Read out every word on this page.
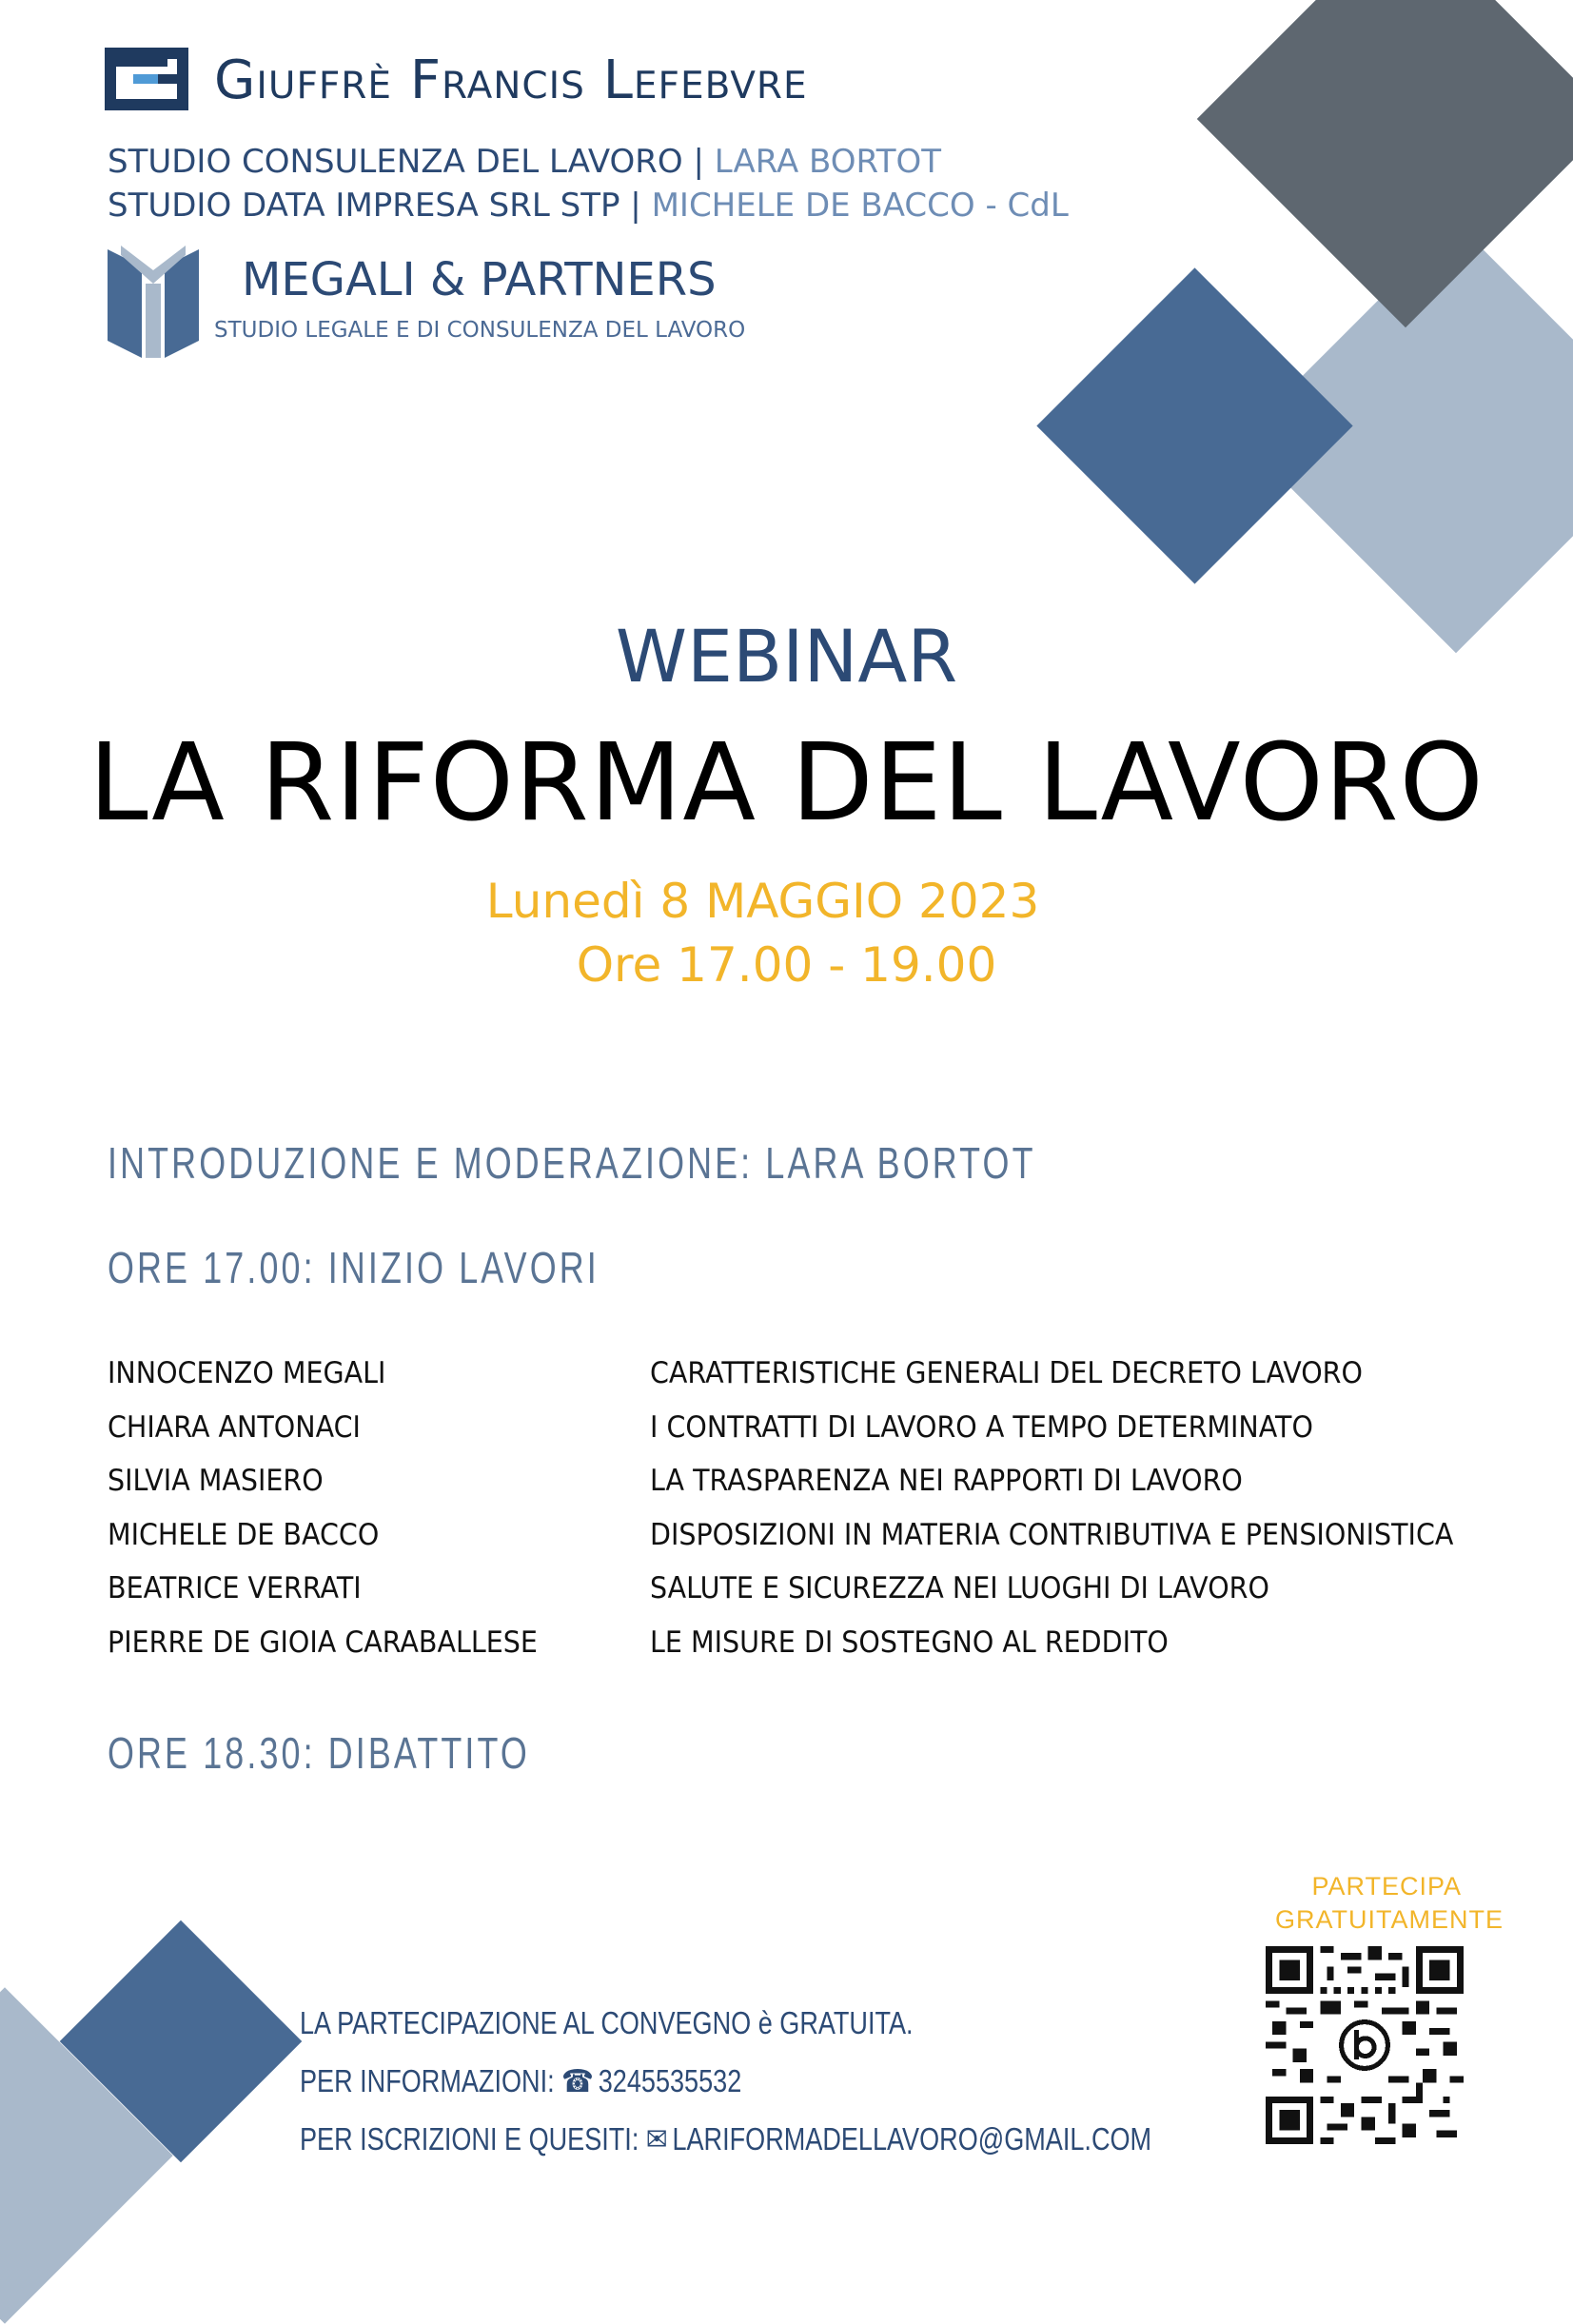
Giuffrè Francis Lefebvre
STUDIO CONSULENZA DEL LAVORO | LARA BORTOT
STUDIO DATA IMPRESA SRL STP | MICHELE DE BACCO - CdL
MEGALI & PARTNERS
STUDIO LEGALE E DI CONSULENZA DEL LAVORO
WEBINAR
LA RIFORMA DEL LAVORO
Lunedì 8 MAGGIO 2023
Ore 17.00 - 19.00
INTRODUZIONE E MODERAZIONE: LARA BORTOT
ORE 17.00: INIZIO LAVORI
INNOCENZO MEGALI	CARATTERISTICHE GENERALI DEL DECRETO LAVORO
CHIARA ANTONACI	I CONTRATTI DI LAVORO A TEMPO DETERMINATO
SILVIA MASIERO	LA TRASPARENZA NEI RAPPORTI DI LAVORO
MICHELE DE BACCO	DISPOSIZIONI IN MATERIA CONTRIBUTIVA E PENSIONISTICA
BEATRICE VERRATI	SALUTE E SICUREZZA NEI LUOGHI DI LAVORO
PIERRE DE GIOIA CARABALLESE	LE MISURE DI SOSTEGNO AL REDDITO
ORE 18.30: DIBATTITO
LA PARTECIPAZIONE AL CONVEGNO è GRATUITA.
PER INFORMAZIONI: ☎ 3245535532
PER ISCRIZIONI E QUESITI: ✉ LARIFORMADELLAVORO@GMAIL.COM
PARTECIPA
GRATUITAMENTE
